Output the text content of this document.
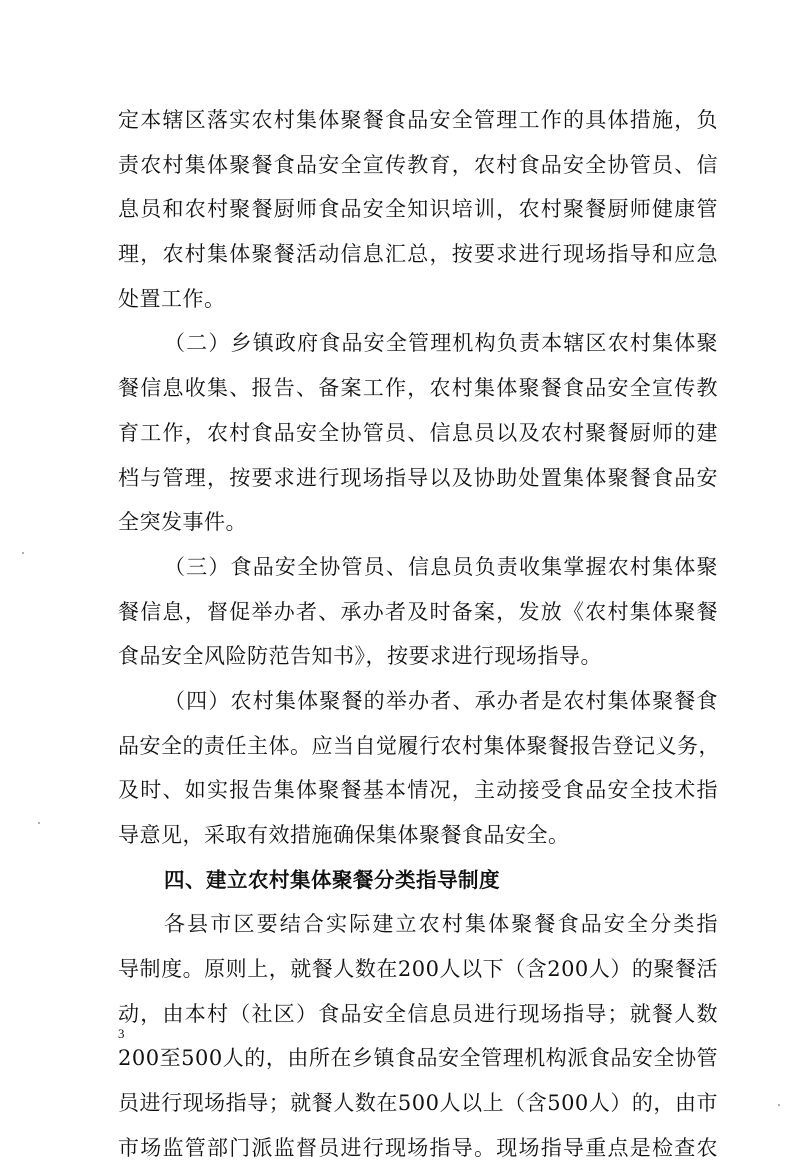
定本辖区落实农村集体聚餐食品安全管理工作的具体措施，负
责农村集体聚餐食品安全宣传教育，农村食品安全协管员、信
息员和农村聚餐厨师食品安全知识培训，农村聚餐厨师健康管
理，农村集体聚餐活动信息汇总，按要求进行现场指导和应急
处置工作。
（二）乡镇政府食品安全管理机构负责本辖区农村集体聚
餐信息收集、报告、备案工作，农村集体聚餐食品安全宣传教
育工作，农村食品安全协管员、信息员以及农村聚餐厨师的建
档与管理，按要求进行现场指导以及协助处置集体聚餐食品安
全突发事件。
（三）食品安全协管员、信息员负责收集掌握农村集体聚
餐信息，督促举办者、承办者及时备案，发放《农村集体聚餐
食品安全风险防范告知书》，按要求进行现场指导。
（四）农村集体聚餐的举办者、承办者是农村集体聚餐食
品安全的责任主体。应当自觉履行农村集体聚餐报告登记义务，
及时、如实报告集体聚餐基本情况，主动接受食品安全技术指
导意见，采取有效措施确保集体聚餐食品安全。
四、建立农村集体聚餐分类指导制度
各县市区要结合实际建立农村集体聚餐食品安全分类指
导制度。原则上，就餐人数在200人以下（含200人）的聚餐活
动，由本村（社区）食品安全信息员进行现场指导；就餐人数
200至500人的，由所在乡镇食品安全管理机构派食品安全协管
员进行现场指导；就餐人数在500人以上（含500人）的，由市
市场监管部门派监督员进行现场指导。现场指导重点是检查农
3
